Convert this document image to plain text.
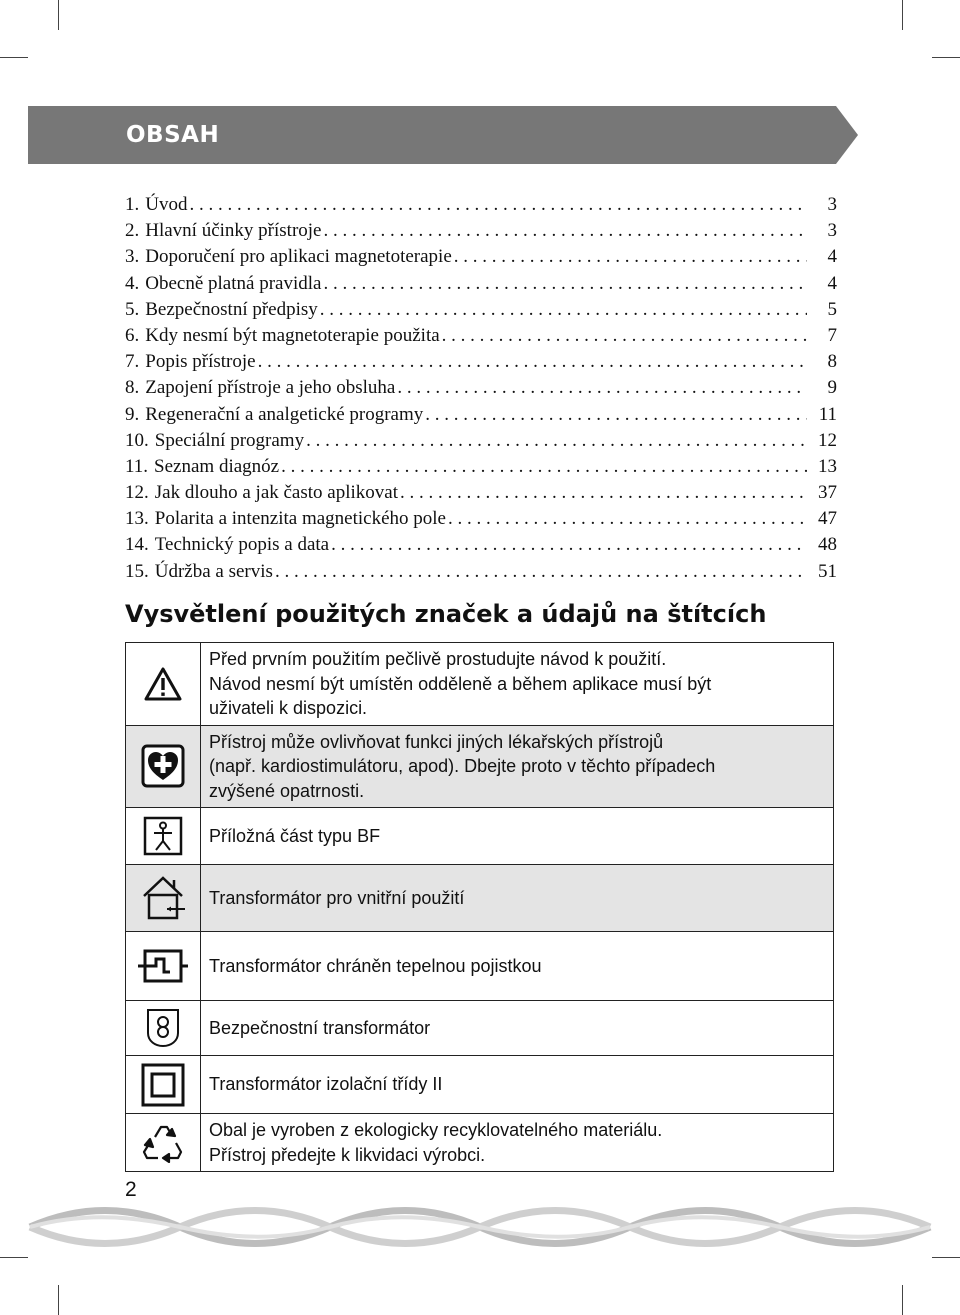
OBSAH
1. Úvod . . .	3
2. Hlavní účinky přístroje . . .	3
3. Doporučení pro aplikaci magnetoterapie . . .	4
4. Obecně platná pravidla . . .	4
5. Bezpečnostní předpisy . . .	5
6. Kdy nesmí být magnetoterapie použita . . .	7
7. Popis přístroje . . .	8
8. Zapojení přístroje a jeho obsluha . . .	9
9. Regenerační a analgetické programy . . .	11
10. Speciální programy . . .	12
11. Seznam diagnóz . . .	13
12. Jak dlouho a jak často aplikovat . . .	37
13. Polarita a intenzita magnetického pole . . .	47
14. Technický popis a data . . .	48
15. Údržba a servis . . .	51
Vysvětlení použitých značek a údajů na štítcích

Před prvním použitím pečlivě prostudujte návod k použití.
Návod nesmí být umístěn odděleně a během aplikace musí být
uživateli k dispozici.

Přístroj může ovlivňovat funkci jiných lékařských přístrojů
(např. kardiostimulátoru, apod). Dbejte proto v těchto případech
zvýšené opatrnosti.

Příložná část typu BF

Transformátor pro vnitřní použití

Transformátor chráněn tepelnou pojistkou

Bezpečnostní transformátor

Transformátor izolační třídy II

Obal je vyroben z ekologicky recyklovatelného materiálu.
Přístroj předejte k likvidaci výrobci.
2
